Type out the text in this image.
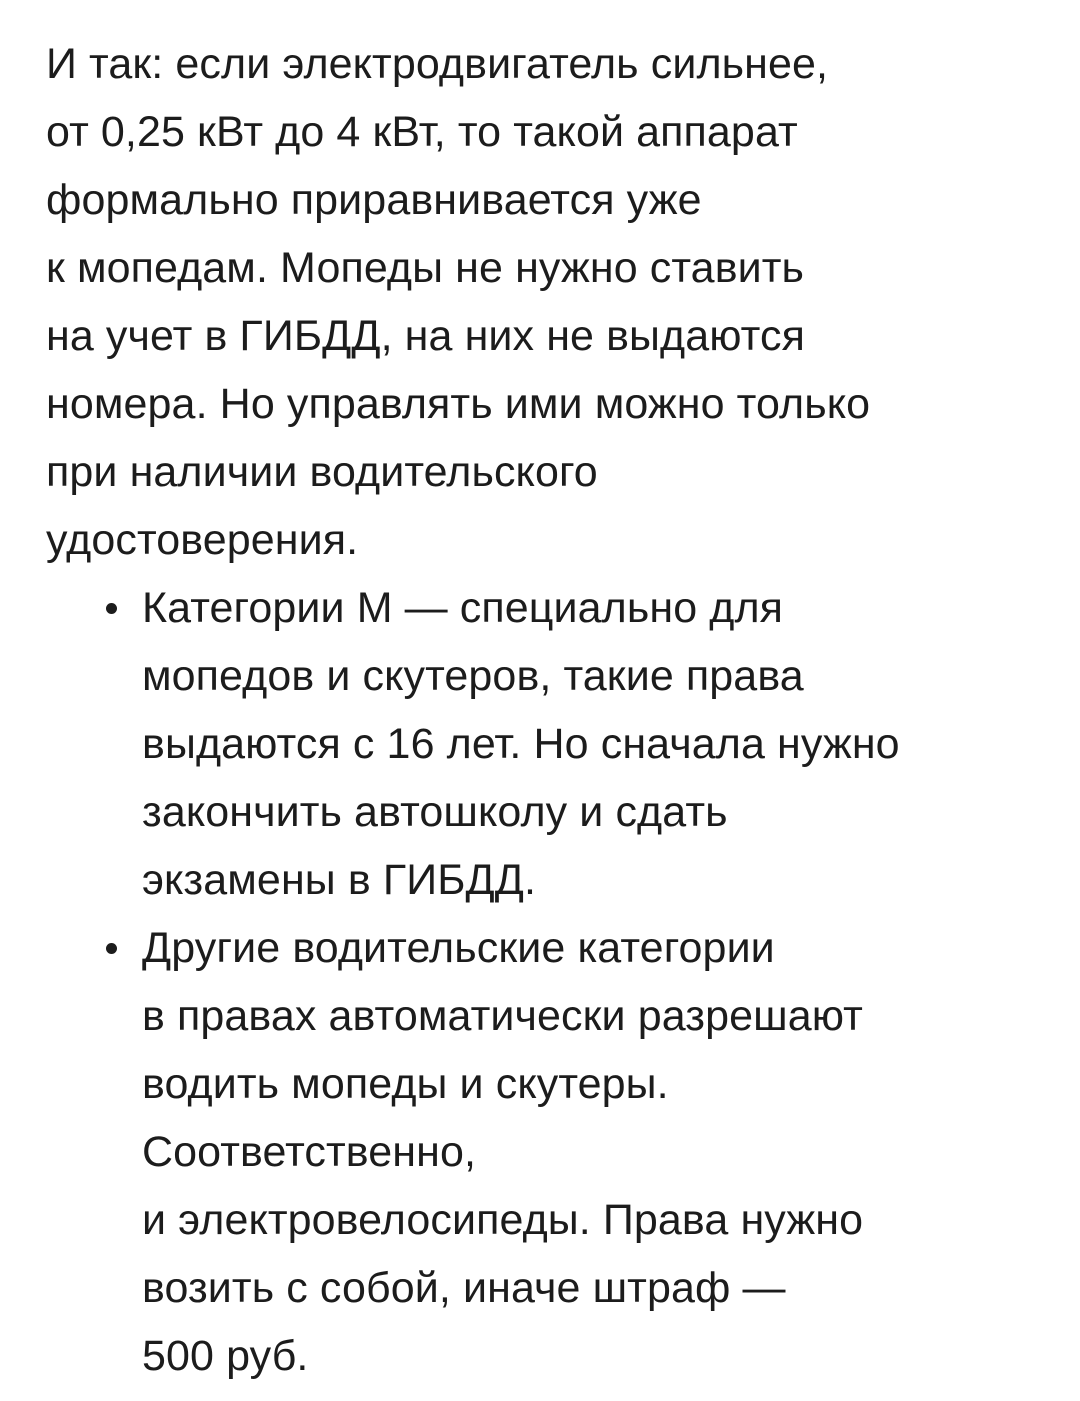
И так: если электродвигатель сильнее,
от 0,25 кВт до 4 кВт, то такой аппарат
формально приравнивается уже
к мопедам. Мопеды не нужно ставить
на учет в ГИБДД, на них не выдаются
номера. Но управлять ими можно только
при наличии водительского
удостоверения.

Категории M — специально для
мопедов и скутеров, такие права
выдаются с 16 лет. Но сначала нужно
закончить автошколу и сдать
экзамены в ГИБДД.
Другие водительские категории
в правах автоматически разрешают
водить мопеды и скутеры.
Соответственно,
и электровелосипеды. Права нужно
возить с собой, иначе штраф —
500 руб.
